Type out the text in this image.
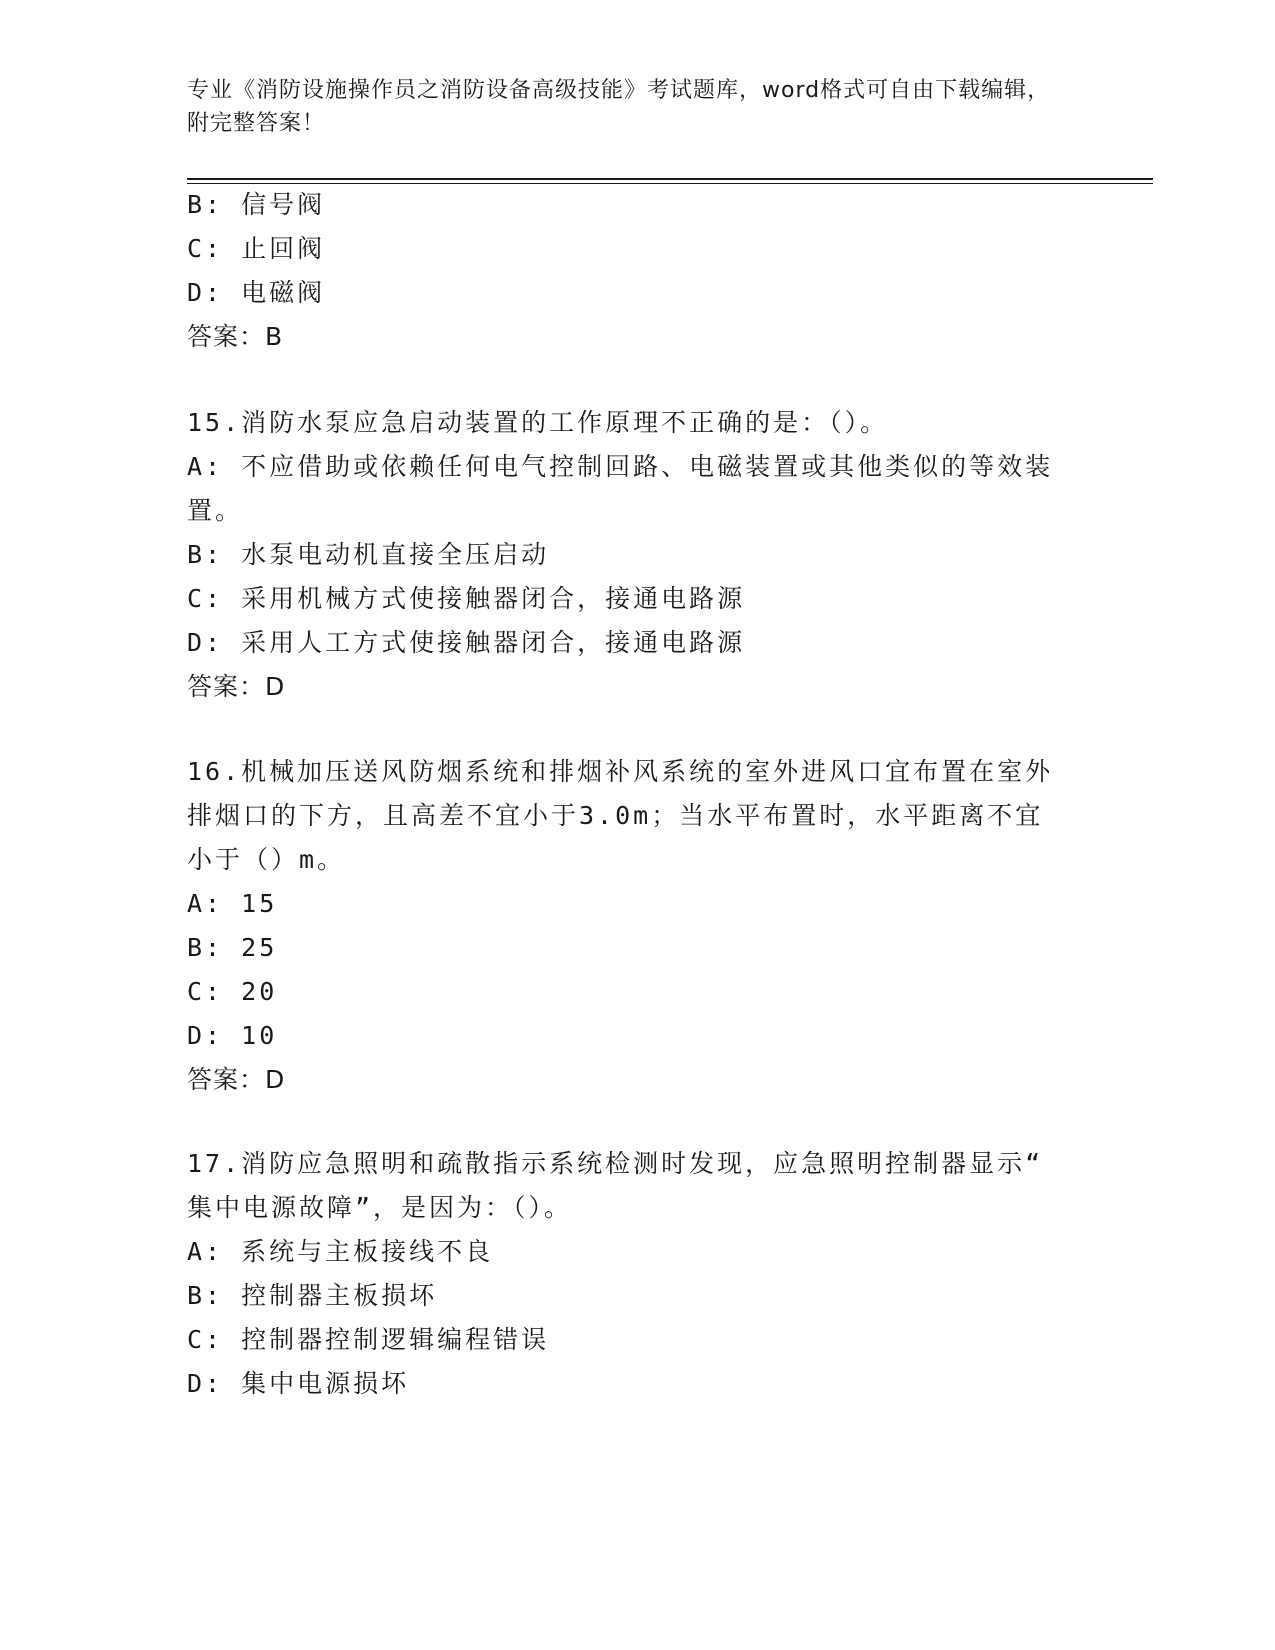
专业《消防设施操作员之消防设备高级技能》考试题库，word格式可自由下载编辑，附完整答案！
B: 信号阀
C: 止回阀
D: 电磁阀
答案：B
15.消防水泵应急启动装置的工作原理不正确的是：（）。
A: 不应借助或依赖任何电气控制回路、电磁装置或其他类似的等效装
置。
B: 水泵电动机直接全压启动
C: 采用机械方式使接触器闭合，接通电路源
D: 采用人工方式使接触器闭合，接通电路源
答案：D
16.机械加压送风防烟系统和排烟补风系统的室外进风口宜布置在室外
排烟口的下方，且高差不宜小于3.0m；当水平布置时，水平距离不宜
小于（）m。
A: 15
B: 25
C: 20
D: 10
答案：D
17.消防应急照明和疏散指示系统检测时发现，应急照明控制器显示“
集中电源故障”，是因为：（）。
A: 系统与主板接线不良
B: 控制器主板损坏
C: 控制器控制逻辑编程错误
D: 集中电源损坏
